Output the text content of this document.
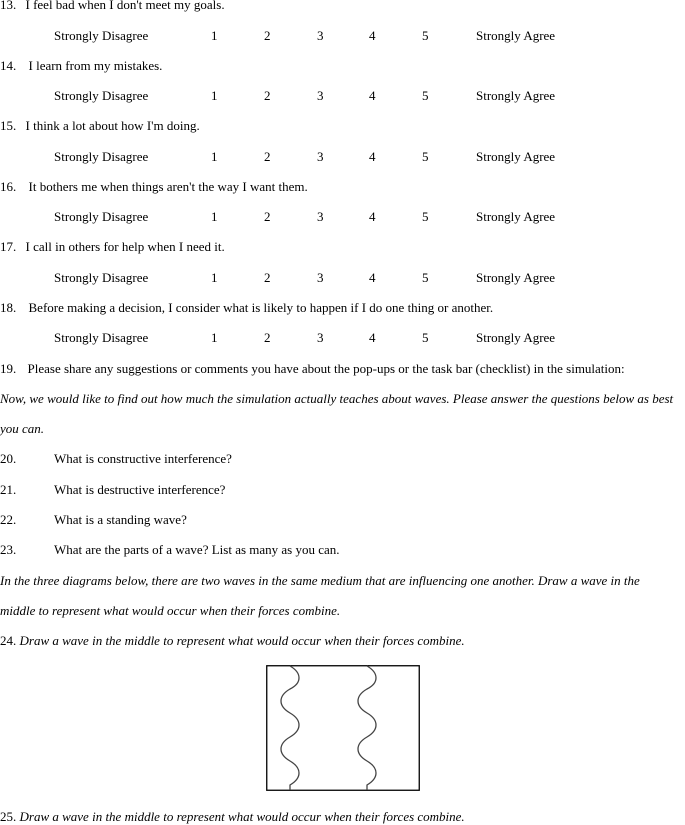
13. I feel bad when I don't meet my goals.
Strongly Disagree	1	2	3	4	5	Strongly Agree
14. I learn from my mistakes.
Strongly Disagree	1	2	3	4	5	Strongly Agree
15. I think a lot about how I'm doing.
Strongly Disagree	1	2	3	4	5	Strongly Agree
16. It bothers me when things aren't the way I want them.
Strongly Disagree	1	2	3	4	5	Strongly Agree
17. I call in others for help when I need it.
Strongly Disagree	1	2	3	4	5	Strongly Agree
18. Before making a decision, I consider what is likely to happen if I do one thing or another.
Strongly Disagree	1	2	3	4	5	Strongly Agree
19. Please share any suggestions or comments you have about the pop-ups or the task bar (checklist) in the simulation:
Now, we would like to find out how much the simulation actually teaches about waves. Please answer the questions below as best
you can.
20.	What is constructive interference?
21.	What is destructive interference?
22.	What is a standing wave?
23.	What are the parts of a wave? List as many as you can.
In the three diagrams below, there are two waves in the same medium that are influencing one another. Draw a wave in the
middle to represent what would occur when their forces combine.
24. Draw a wave in the middle to represent what would occur when their forces combine.
25. Draw a wave in the middle to represent what would occur when their forces combine.
